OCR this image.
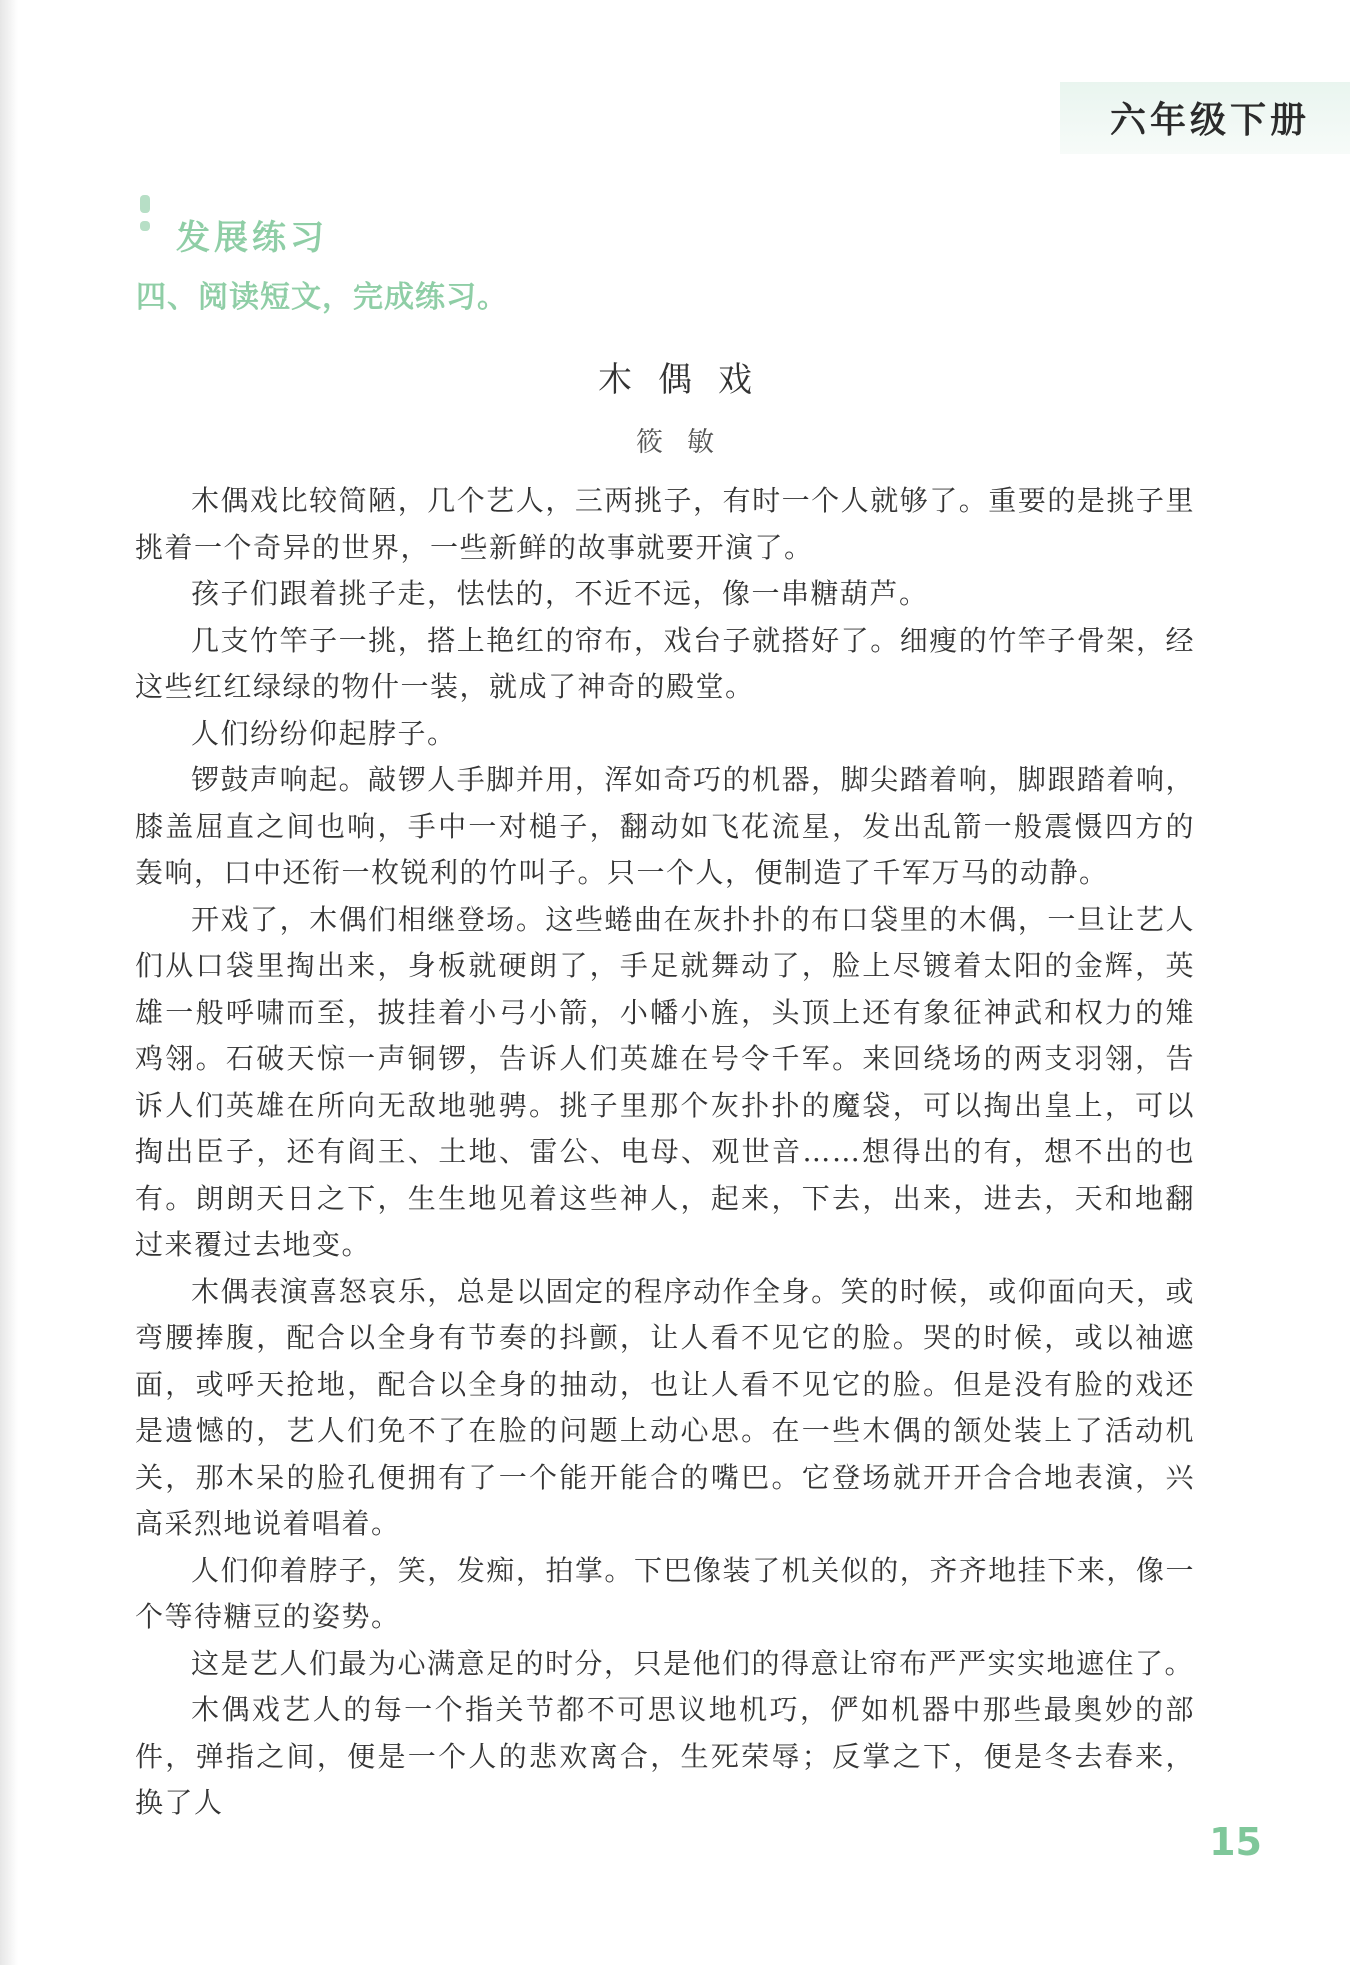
六年级下册
发展练习
四、阅读短文，完成练习。
木偶戏
筱敏

木偶戏比较简陋，几个艺人，三两挑子，有时一个人就够了。重要的是挑子里挑着一个奇异的世界，一些新鲜的故事就要开演了。

孩子们跟着挑子走，怯怯的，不近不远，像一串糖葫芦。

几支竹竿子一挑，搭上艳红的帘布，戏台子就搭好了。细瘦的竹竿子骨架，经这些红红绿绿的物什一装，就成了神奇的殿堂。

人们纷纷仰起脖子。

锣鼓声响起。敲锣人手脚并用，浑如奇巧的机器，脚尖踏着响，脚跟踏着响，膝盖屈直之间也响，手中一对槌子，翻动如飞花流星，发出乱箭一般震慑四方的轰响，口中还衔一枚锐利的竹叫子。只一个人，便制造了千军万马的动静。

开戏了，木偶们相继登场。这些蜷曲在灰扑扑的布口袋里的木偶，一旦让艺人们从口袋里掏出来，身板就硬朗了，手足就舞动了，脸上尽镀着太阳的金辉，英雄一般呼啸而至，披挂着小弓小箭，小幡小旌，头顶上还有象征神武和权力的雉鸡翎。石破天惊一声铜锣，告诉人们英雄在号令千军。来回绕场的两支羽翎，告诉人们英雄在所向无敌地驰骋。挑子里那个灰扑扑的魔袋，可以掏出皇上，可以掏出臣子，还有阎王、土地、雷公、电母、观世音……想得出的有，想不出的也有。朗朗天日之下，生生地见着这些神人，起来，下去，出来，进去，天和地翻过来覆过去地变。

木偶表演喜怒哀乐，总是以固定的程序动作全身。笑的时候，或仰面向天，或弯腰捧腹，配合以全身有节奏的抖颤，让人看不见它的脸。哭的时候，或以袖遮面，或呼天抢地，配合以全身的抽动，也让人看不见它的脸。但是没有脸的戏还是遗憾的，艺人们免不了在脸的问题上动心思。在一些木偶的颔处装上了活动机关，那木呆的脸孔便拥有了一个能开能合的嘴巴。它登场就开开合合地表演，兴高采烈地说着唱着。

人们仰着脖子，笑，发痴，拍掌。下巴像装了机关似的，齐齐地挂下来，像一个等待糖豆的姿势。

这是艺人们最为心满意足的时分，只是他们的得意让帘布严严实实地遮住了。

木偶戏艺人的每一个指关节都不可思议地机巧，俨如机器中那些最奥妙的部件，弹指之间，便是一个人的悲欢离合，生死荣辱；反掌之下，便是冬去春来，换了人

15
